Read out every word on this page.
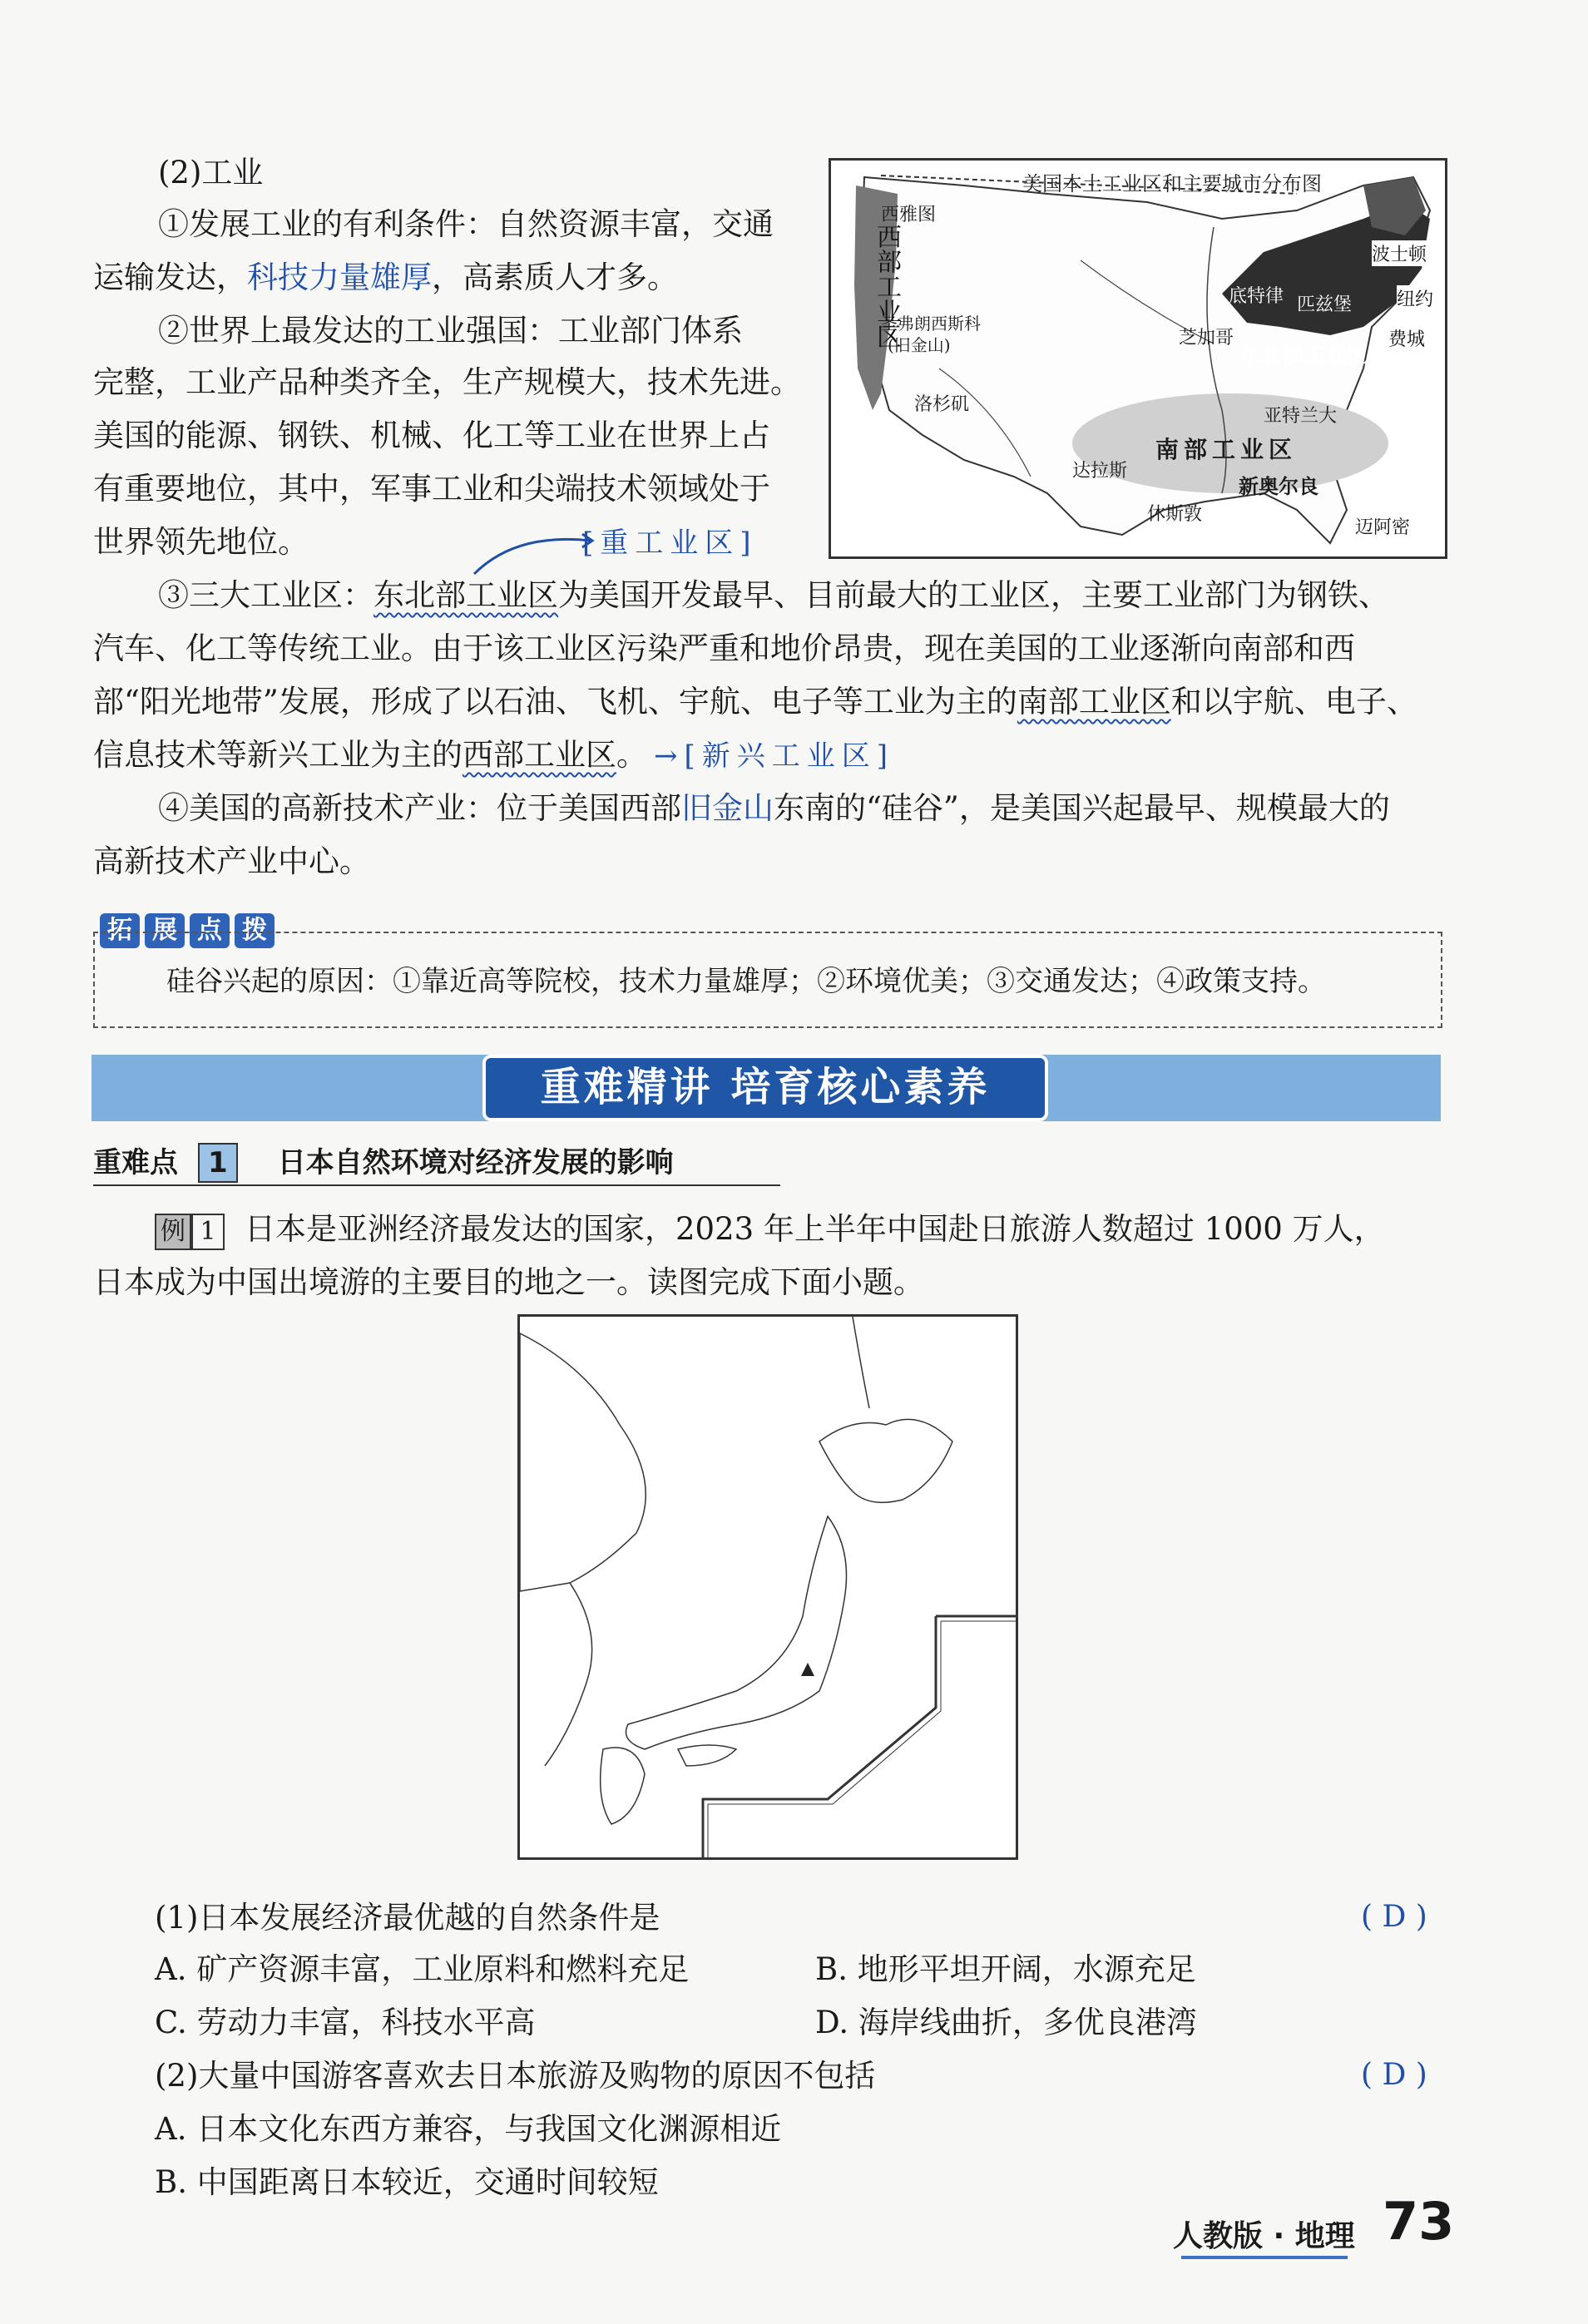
(2)工业
①发展工业的有利条件：自然资源丰富，交通
运输发达，科技力量雄厚，高素质人才多。
②世界上最发达的工业强国：工业部门体系
完整，工业产品种类齐全，生产规模大，技术先进。
美国的能源、钢铁、机械、化工等工业在世界上占
有重要地位，其中，军事工业和尖端技术领域处于
世界领先地位。	[重工业区]
美国本土工业区和主要城市分布图
西雅图
西部工业区
圣弗朗西斯科
(旧金山)
洛杉矶
波士顿
底特律 匹兹堡 纽约
芝加哥	费城
东北部工业区
亚特兰大
南部工业区
达拉斯
新奥尔良
休斯敦
迈阿密
③三大工业区：东北部工业区为美国开发最早、目前最大的工业区，主要工业部门为钢铁、
汽车、化工等传统工业。由于该工业区污染严重和地价昂贵，现在美国的工业逐渐向南部和西
部“阳光地带”发展，形成了以石油、飞机、宇航、电子等工业为主的南部工业区和以宇航、电子、
信息技术等新兴工业为主的西部工业区。 →[新兴工业区]
④美国的高新技术产业：位于美国西部旧金山东南的“硅谷”，是美国兴起最早、规模最大的
高新技术产业中心。
拓 展 点 拨
硅谷兴起的原因：①靠近高等院校，技术力量雄厚；②环境优美；③交通发达；④政策支持。
重难精讲 培育核心素养
重难点 1 日本自然环境对经济发展的影响
例 1 日本是亚洲经济最发达的国家，2023 年上半年中国赴日旅游人数超过 1000 万人，
日本成为中国出境游的主要目的地之一。读图完成下面小题。
(1)日本发展经济最优越的自然条件是	( D )
A. 矿产资源丰富，工业原料和燃料充足	B. 地形平坦开阔，水源充足
C. 劳动力丰富，科技水平高	D. 海岸线曲折，多优良港湾
(2)大量中国游客喜欢去日本旅游及购物的原因不包括	( D )
A. 日本文化东西方兼容，与我国文化渊源相近
B. 中国距离日本较近，交通时间较短
人教版 · 地理 73
